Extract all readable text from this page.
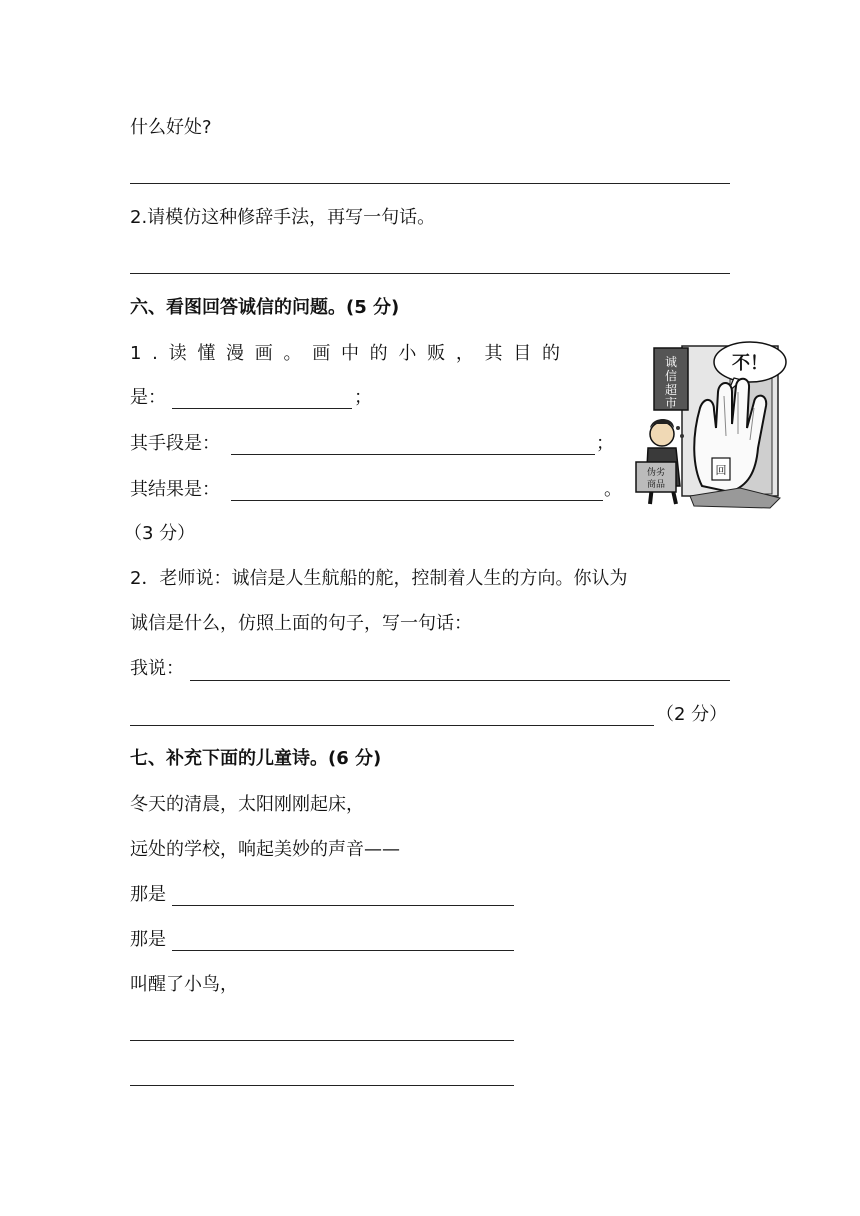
什么好处?
2.请模仿这种修辞手法，再写一句话。
六、看图回答诚信的问题。(5 分)
1 . 读 懂 漫 画 。 画 中 的 小 贩 ， 其 目 的
是：	；
其手段是：	；
其结果是：	。
（3 分）
2．老师说：诚信是人生航船的舵，控制着人生的方向。你认为
诚信是什么，仿照上面的句子，写一句话：
我说：
（2 分）
诚
信
超
市
不！
伪劣
商品
回
七、补充下面的儿童诗。(6 分)
冬天的清晨，太阳刚刚起床，
远处的学校，响起美妙的声音——
那是
那是
叫醒了小鸟，
